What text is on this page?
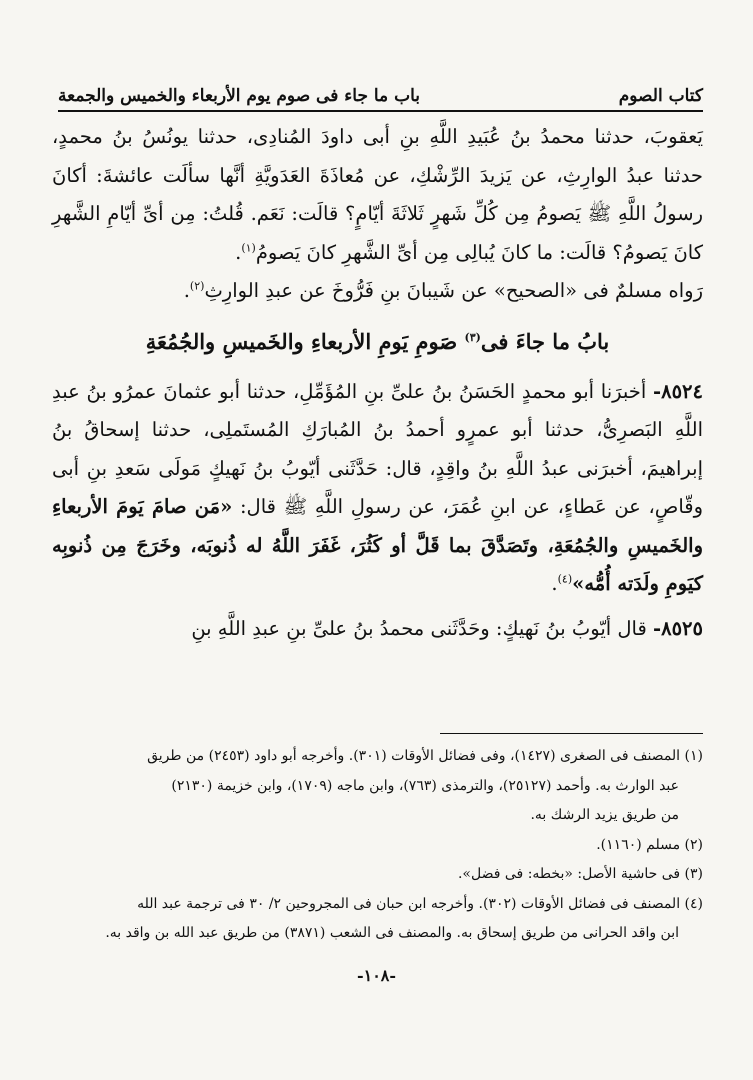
كتاب الصوم
باب ما جاء فى صوم يوم الأربعاء والخميس والجمعة

يَعقوبَ، حدثنا محمدُ بنُ عُبَيدِ اللَّهِ بنِ أبى داودَ المُنادِى، حدثنا يونُسُ بنُ محمدٍ، حدثنا عبدُ الوارِثِ، عن يَزيدَ الرِّشْكِ، عن مُعاذَةَ العَدَويَّةِ أنَّها سألَت عائشةَ: أكانَ رسولُ اللَّهِ ﷺ يَصومُ مِن كُلِّ شَهرٍ ثَلاثَةَ أيّامٍ؟ قالَت: نَعَم. قُلتُ: مِن أىِّ أيّامِ الشَّهرِ كانَ يَصومُ؟ قالَت: ما كانَ يُبالِى مِن أىِّ الشَّهرِ كانَ يَصومُ$^{(١)}$.

رَواه مسلمٌ فى «الصحيح» عن شَيبانَ بنِ فَرُّوخَ عن عبدِ الوارِثِ$^{(٢)}$.

بابُ ما جاءَ فى$^{(٣)}$ صَومِ يَومِ الأربعاءِ والخَميسِ والجُمُعَةِ

٨٥٢٤- أخبرَنا أبو محمدٍ الحَسَنُ بنُ علىِّ بنِ المُؤَمِّلِ، حدثنا أبو عثمانَ عمرُو بنُ عبدِ اللَّهِ البَصرِىُّ، حدثنا أبو عمرٍو أحمدُ بنُ المُبارَكِ المُستَملِى، حدثنا إسحاقُ بنُ إبراهيمَ، أخبرَنى عبدُ اللَّهِ بنُ واقِدٍ، قال: حَدَّثَنى أيّوبُ بنُ نَهيكٍ مَولَى سَعدِ بنِ أبى وقّاصٍ، عن عَطاءٍ، عن ابنِ عُمَرَ، عن رسولِ اللَّهِ ﷺ قال: «مَن صامَ يَومَ الأربعاءِ والخَميسِ والجُمُعَةِ، وتَصَدَّقَ بما قَلَّ أو كَثُرَ، غَفَرَ اللَّهُ له ذُنوبَه، وخَرَجَ مِن ذُنوبِه كيَومِ ولَدَته أُمُّه»$^{(٤)}$.

٨٥٢٥- قال أيّوبُ بنُ نَهيكٍ: وحَدَّثَنى محمدُ بنُ علىِّ بنِ عبدِ اللَّهِ بنِ

(١) المصنف فى الصغرى (١٤٢٧)، وفى فضائل الأوقات (٣٠١). وأخرجه أبو داود (٢٤٥٣) من طريق

عبد الوارث به. وأحمد (٢٥١٢٧)، والترمذى (٧٦٣)، وابن ماجه (١٧٠٩)، وابن خزيمة (٢١٣٠)

من طريق يزيد الرشك به.

(٢) مسلم (١١٦٠).

(٣) فى حاشية الأصل: «بخطه: فى فضل».

(٤) المصنف فى فضائل الأوقات (٣٠٢). وأخرجه ابن حبان فى المجروحين ٢/ ٣٠ فى ترجمة عبد الله

ابن واقد الحرانى من طريق إسحاق به. والمصنف فى الشعب (٣٨٧١) من طريق عبد الله بن واقد به.

-١٠٨-
